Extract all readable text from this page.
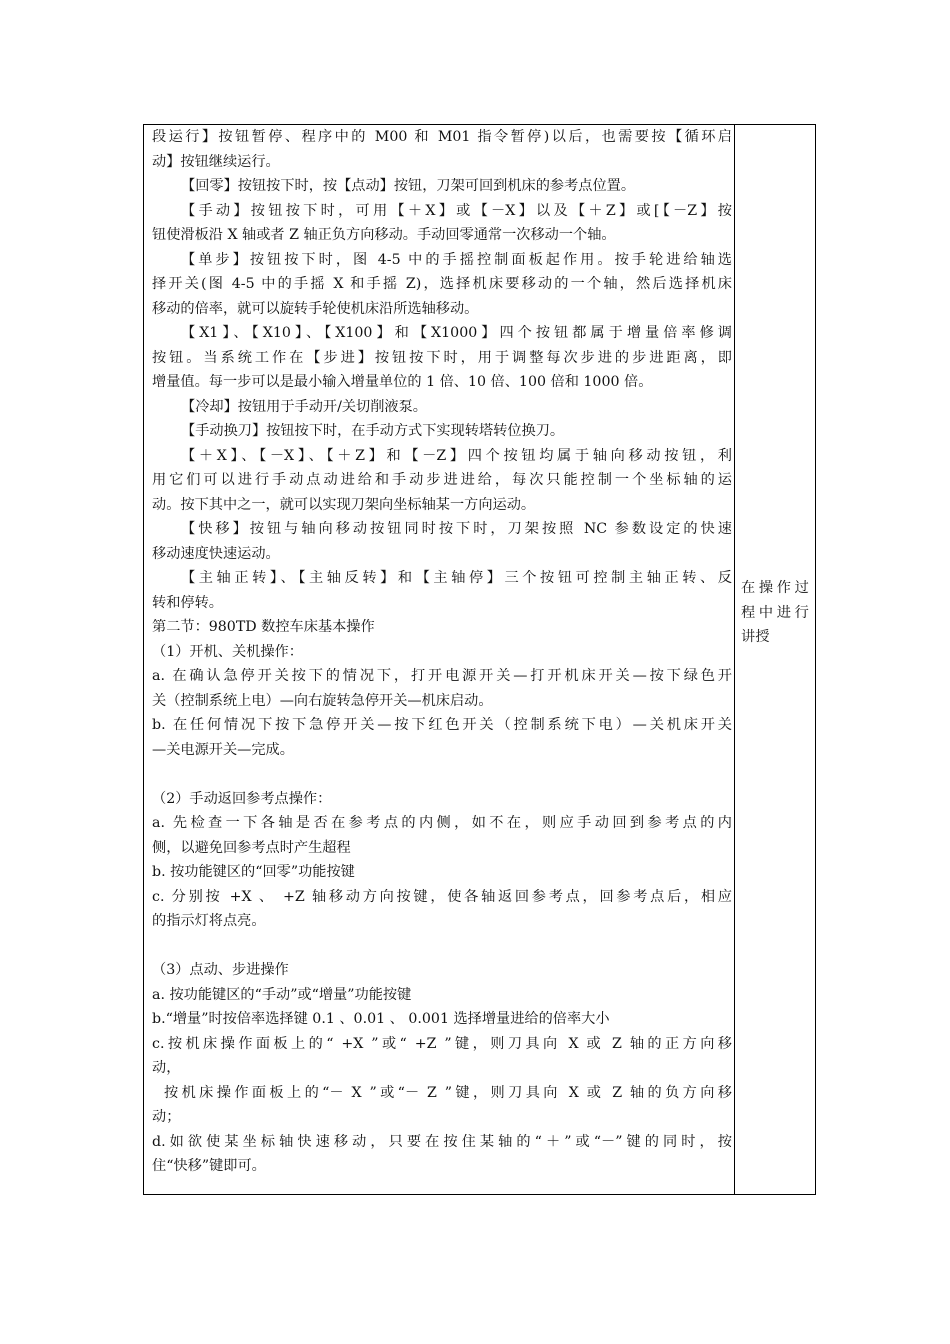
段运行】按钮暂停、程序中的 M00 和 M01 指令暂停)以后，也需要按【循环启
动】按钮继续运行。
【回零】按钮按下时，按【点动】按钮，刀架可回到机床的参考点位置。
【手动】按钮按下时，可用【＋X】或【－X】以及【＋Z】或[【－Z】按
钮使滑板沿 X 轴或者 Z 轴正负方向移动。手动回零通常一次移动一个轴。
【单步】按钮按下时，图 4-5 中的手摇控制面板起作用。按手轮进给轴选
择开关(图 4-5 中的手摇 X 和手摇 Z)，选择机床要移动的一个轴，然后选择机床
移动的倍率，就可以旋转手轮使机床沿所选轴移动。
【X1】、【X10】、【X100】和【X1000】四个按钮都属于增量倍率修调
按钮。当系统工作在【步进】按钮按下时，用于调整每次步进的步进距离，即
增量值。每一步可以是最小输入增量单位的 1 倍、10 倍、100 倍和 1000 倍。
【冷却】按钮用于手动开/关切削液泵。
【手动换刀】按钮按下时，在手动方式下实现转塔转位换刀。
【＋X】、【－X】、【＋Z】和【－Z】四个按钮均属于轴向移动按钮，利
用它们可以进行手动点动进给和手动步进进给，每次只能控制一个坐标轴的运
动。按下其中之一，就可以实现刀架向坐标轴某一方向运动。
【快移】按钮与轴向移动按钮同时按下时，刀架按照 NC 参数设定的快速
移动速度快速运动。
【主轴正转】、【主轴反转】和【主轴停】三个按钮可控制主轴正转、反
转和停转。
第二节：980TD 数控车床基本操作
（1）开机、关机操作：
a. 在确认急停开关按下的情况下，打开电源开关—打开机床开关—按下绿色开
关（控制系统上电）—向右旋转急停开关—机床启动。
b. 在任何情况下按下急停开关—按下红色开关（控制系统下电）—关机床开关
—关电源开关—完成。
（2）手动返回参考点操作：
a. 先检查一下各轴是否在参考点的内侧，如不在，则应手动回到参考点的内
侧，以避免回参考点时产生超程
b. 按功能键区的“回零”功能按键
c. 分别按 +X 、 +Z 轴移动方向按键，使各轴返回参考点，回参考点后，相应
的指示灯将点亮。
（3）点动、步进操作
a. 按功能键区的“手动”或“增量”功能按键
b.“增量”时按倍率选择键 0.1 、0.01 、 0.001 选择增量进给的倍率大小
c.按机床操作面板上的“ +X ”或“ +Z ”键，则刀具向 X 或 Z 轴的正方向移
动，
按机床操作面板上的“－ X ”或“－ Z ”键，则刀具向 X 或 Z 轴的负方向移
动；
d.如欲使某坐标轴快速移动，只要在按住某轴的“＋”或“－”键的同时，按
住“快移”键即可。
在操作过程中进行讲授
